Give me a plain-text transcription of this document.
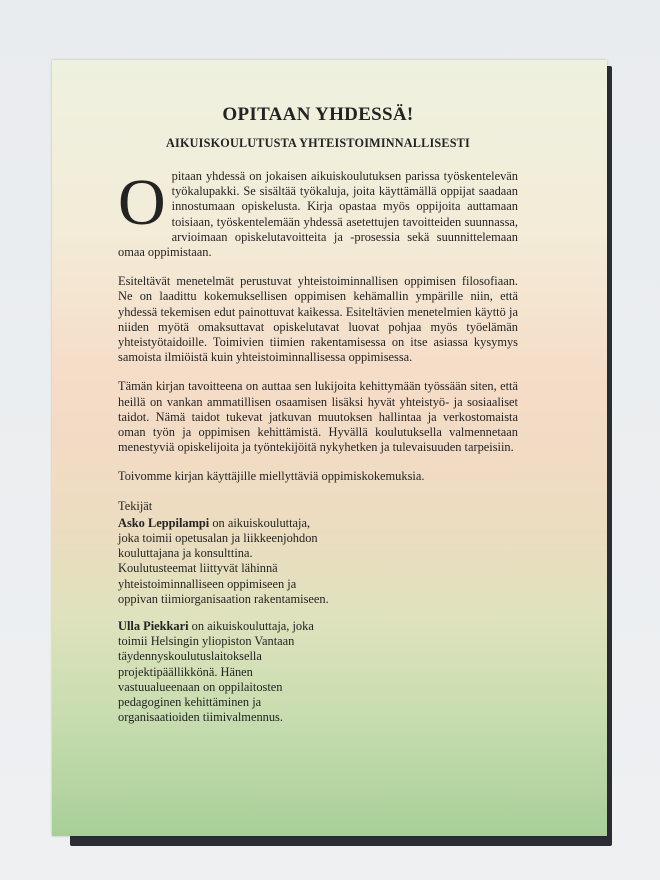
OPITAAN YHDESSÄ!
AIKUISKOULUTUSTA YHTEISTOIMINNALLISESTI

Opitaan yhdessä on jokaisen aikuiskoulutuksen parissa työskentelevän työkalupakki. Se sisältää työkaluja, joita käyttämällä oppijat saadaan innostumaan opiskelusta. Kirja opastaa myös oppijoita auttamaan toisiaan, työskentelemään yhdessä asetettujen tavoitteiden suunnassa, arvioimaan opiskelutavoitteita ja -prosessia sekä suunnittelemaan omaa oppimistaan.

Esiteltävät menetelmät perustuvat yhteistoiminnallisen oppimisen filosofiaan. Ne on laadittu kokemuksellisen oppimisen kehämallin ympärille niin, että yhdessä tekemisen edut painottuvat kaikessa. Esiteltävien menetelmien käyttö ja niiden myötä omaksuttavat opiskelutavat luovat pohjaa myös työelämän yhteistyötaidoille. Toimivien tiimien rakentamisessa on itse asiassa kysymys samoista ilmiöistä kuin yhteistoiminnallisessa oppimisessa.

Tämän kirjan tavoitteena on auttaa sen lukijoita kehittymään työssään siten, että heillä on vankan ammatillisen osaamisen lisäksi hyvät yhteistyö- ja sosiaaliset taidot. Nämä taidot tukevat jatkuvan muutoksen hallintaa ja verkostomaista oman työn ja oppimisen kehittämistä. Hyvällä koulutuksella valmennetaan menestyviä opiskelijoita ja työntekijöitä nykyhetken ja tulevaisuuden tarpeisiin.

Toivomme kirjan käyttäjille miellyttäviä oppimiskokemuksia.

Tekijät
Asko Leppilampi on aikuiskouluttaja, joka toimii opetusalan ja liikkeenjohdon kouluttajana ja konsulttina. Koulutusteemat liittyvät lähinnä yhteistoiminnalliseen oppimiseen ja oppivan tiimiorganisaation rakentamiseen.
Ulla Piekkari on aikuiskouluttaja, joka toimii Helsingin yliopiston Vantaan täydennyskoulutuslaitoksella projektipäällikkönä. Hänen vastuualueenaan on oppilaitosten pedagoginen kehittäminen ja organisaatioiden tiimivalmennus.
